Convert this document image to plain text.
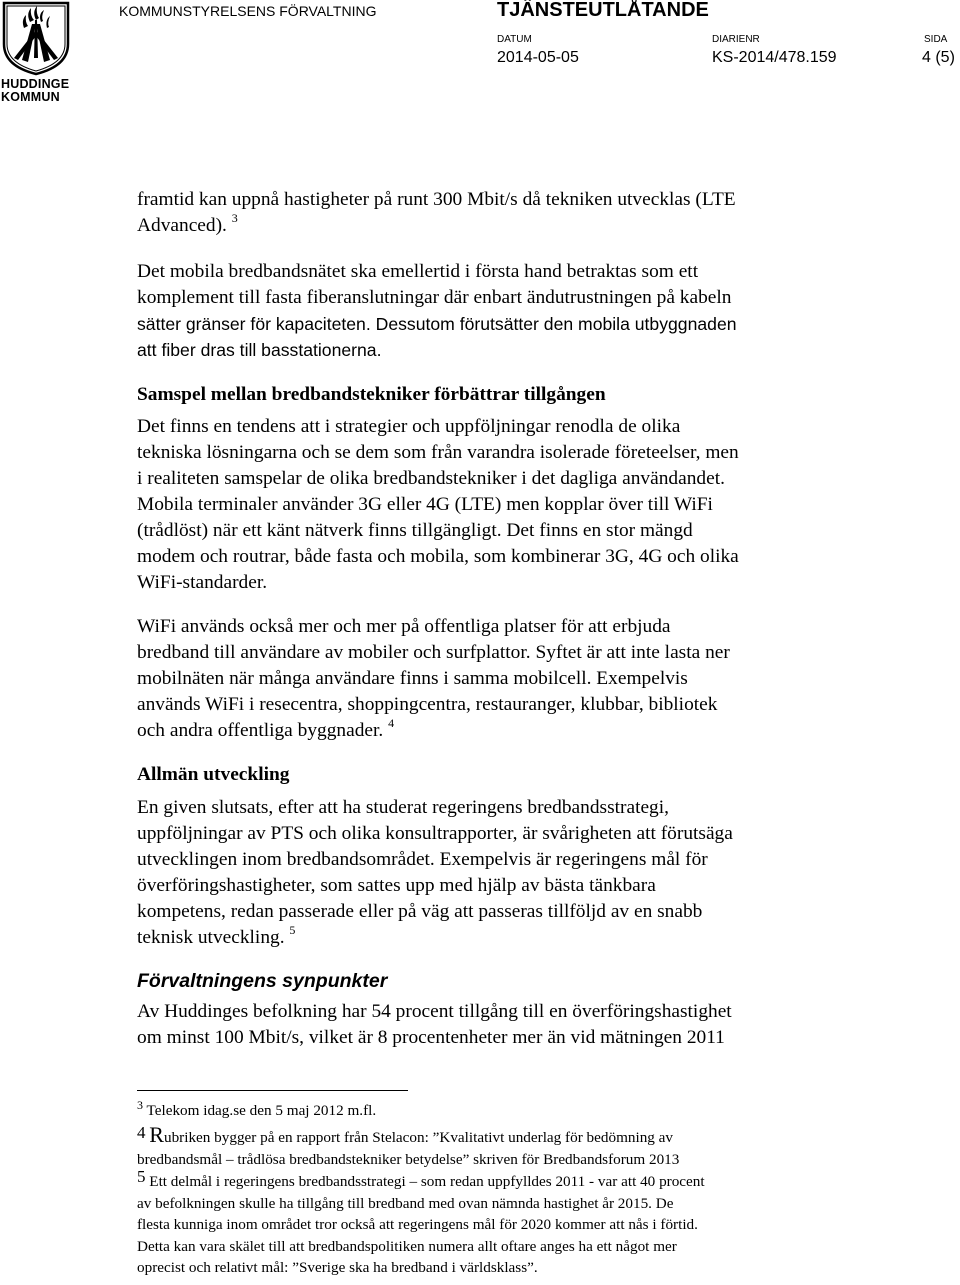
HUDDINGE
KOMMUN
KOMMUNSTYRELSENS FÖRVALTNING	TJÄNSTEUTLÅTANDE
DATUM	DIARIENR	SIDA
2014-05-05	KS-2014/478.159	4 (5)
framtid kan uppnå hastigheter på runt 300 Mbit/s då tekniken utvecklas (LTE
Advanced). $^3$
Det mobila bredbandsnätet ska emellertid i första hand betraktas som ett
komplement till fasta fiberanslutningar där enbart ändutrustningen på kabeln
sätter gränser för kapaciteten. Dessutom förutsätter den mobila utbyggnaden
att fiber dras till basstationerna.
Samspel mellan bredbandstekniker förbättrar tillgången
Det finns en tendens att i strategier och uppföljningar renodla de olika
tekniska lösningarna och se dem som från varandra isolerade företeelser, men
i realiteten samspelar de olika bredbandstekniker i det dagliga användandet.
Mobila terminaler använder 3G eller 4G (LTE) men kopplar över till WiFi
(trådlöst) när ett känt nätverk finns tillgängligt. Det finns en stor mängd
modem och routrar, både fasta och mobila, som kombinerar 3G, 4G och olika
WiFi-standarder.
WiFi används också mer och mer på offentliga platser för att erbjuda
bredband till användare av mobiler och surfplattor. Syftet är att inte lasta ner
mobilnäten när många användare finns i samma mobilcell. Exempelvis
används WiFi i resecentra, shoppingcentra, restauranger, klubbar, bibliotek
och andra offentliga byggnader. $^4$
Allmän utveckling
En given slutsats, efter att ha studerat regeringens bredbandsstrategi,
uppföljningar av PTS och olika konsultrapporter, är svårigheten att förutsäga
utvecklingen inom bredbandsområdet. Exempelvis är regeringens mål för
överföringshastigheter, som sattes upp med hjälp av bästa tänkbara
kompetens, redan passerade eller på väg att passeras tillföljd av en snabb
teknisk utveckling. $^5$
Förvaltningens synpunkter
Av Huddinges befolkning har 54 procent tillgång till en överföringshastighet
om minst 100 Mbit/s, vilket är 8 procentenheter mer än vid mätningen 2011
$^3$ Telekom idag.se den 5 maj 2012 m.fl.
4 Rubriken bygger på en rapport från Stelacon: ”Kvalitativt underlag för bedömning av
bredbandsmål – trådlösa bredbandstekniker betydelse” skriven för Bredbandsforum 2013
5 Ett delmål i regeringens bredbandsstrategi – som redan uppfylldes 2011 - var att 40 procent
av befolkningen skulle ha tillgång till bredband med ovan nämnda hastighet år 2015. De
flesta kunniga inom området tror också att regeringens mål för 2020 kommer att nås i förtid.
Detta kan vara skälet till att bredbandspolitiken numera allt oftare anges ha ett något mer
oprecist och relativt mål: ”Sverige ska ha bredband i världsklass”.
